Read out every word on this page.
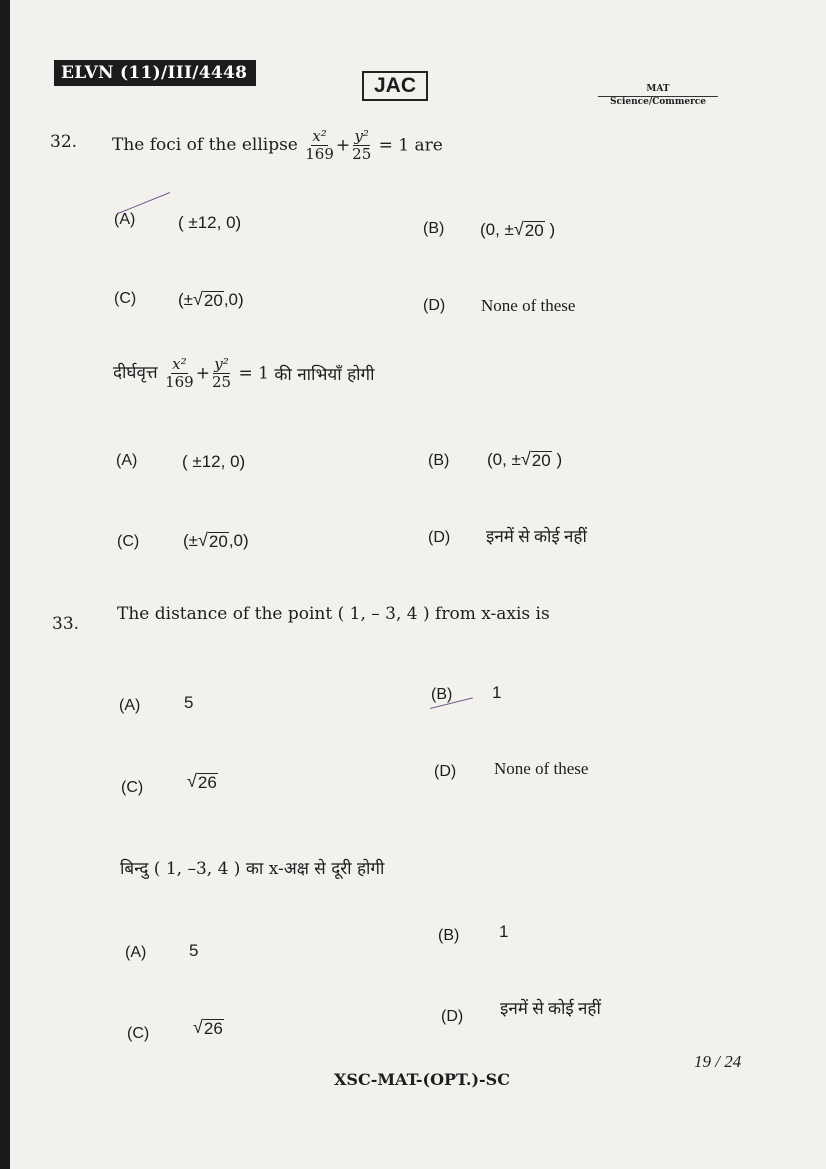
ELVN (11)/III/4448
JAC	MAT
Science/Commerce
32. The foci of the ellipse $\frac{\text{x²}}{169} + \frac{\text{y²}}{25} = 1$ are
(A)	( ±12, 0)	(B) (0, ± √ 20 )
(C) (± √ 20 ,0)	(D) None of these
दीर्घवृत्त $\frac{\text{x²}}{169} + \frac{\text{y²}}{25} = 1$ की नाभियाँ होगी
(A)	( ±12, 0)	(B) (0, ± √ 20 )
(C)	(± √ 20 ,0)	(D) इनमें से कोई नहीं
33. The distance of the point ( 1, – 3, 4 ) from x-axis is
(A)	5	(B) 1
(C) √ 26
(D) None of these
बिन्दु ( 1, –3, 4 ) का x-अक्ष से दूरी होगी
(A)	5
(B) 1
(C) √ 26
(D) इनमें से कोई नहीं
19 / 24
XSC-MAT-(OPT.)-SC
